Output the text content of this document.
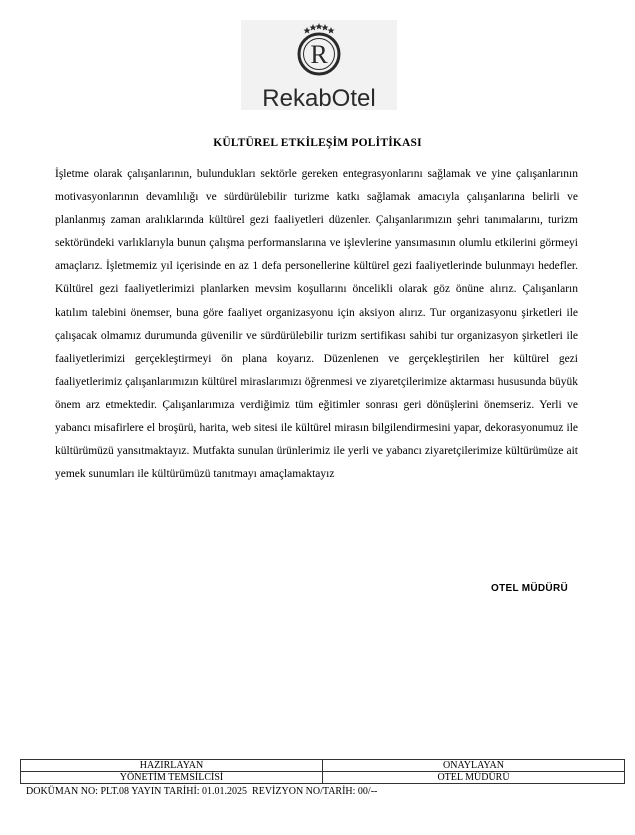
R
RekabOtel
KÜLTÜREL ETKİLEŞİM POLİTİKASI
İşletme olarak çalışanlarının, bulundukları sektörle gereken entegrasyonlarını sağlamak ve yine çalışanlarının motivasyonlarının devamlılığı ve sürdürülebilir turizme katkı sağlamak amacıyla çalışanlarına belirli ve planlanmış zaman aralıklarında kültürel gezi faaliyetleri düzenler. Çalışanlarımızın şehri tanımalarını, turizm sektöründeki varlıklarıyla bunun çalışma performanslarına ve işlevlerine yansımasının olumlu etkilerini görmeyi amaçlarız. İşletmemiz yıl içerisinde en az 1 defa personellerine kültürel gezi faaliyetlerinde bulunmayı hedefler. Kültürel gezi faaliyetlerimizi planlarken mevsim koşullarını öncelikli olarak göz önüne alırız. Çalışanların katılım talebini önemser, buna göre faaliyet organizasyonu için aksiyon alırız. Tur organizasyonu şirketleri ile çalışacak olmamız durumunda güvenilir ve sürdürülebilir turizm sertifikası sahibi tur organizasyon şirketleri ile faaliyetlerimizi gerçekleştirmeyi ön plana koyarız. Düzenlenen ve gerçekleştirilen her kültürel gezi faaliyetlerimiz çalışanlarımızın kültürel miraslarımızı öğrenmesi ve ziyaretçilerimize aktarması hususunda büyük önem arz etmektedir. Çalışanlarımıza verdiğimiz tüm eğitimler sonrası geri dönüşlerini önemseriz. Yerli ve yabancı misafirlere el broşürü, harita, web sitesi ile kültürel mirasın bilgilendirmesini yapar, dekorasyonumuz ile kültürümüzü yansıtmaktayız. Mutfakta sunulan ürünlerimiz ile yerli ve yabancı ziyaretçilerimize kültürümüze ait yemek sunumları ile kültürümüzü tanıtmayı amaçlamaktayız
OTEL MÜDÜRÜ
HAZIRLAYAN	ONAYLAYAN
YÖNETİM TEMSİLCİSİ	OTEL MÜDÜRÜ
DOKÜMAN NO: PLT.08 YAYIN TARİHİ: 01.01.2025  REVİZYON NO/TARİH: 00/--
